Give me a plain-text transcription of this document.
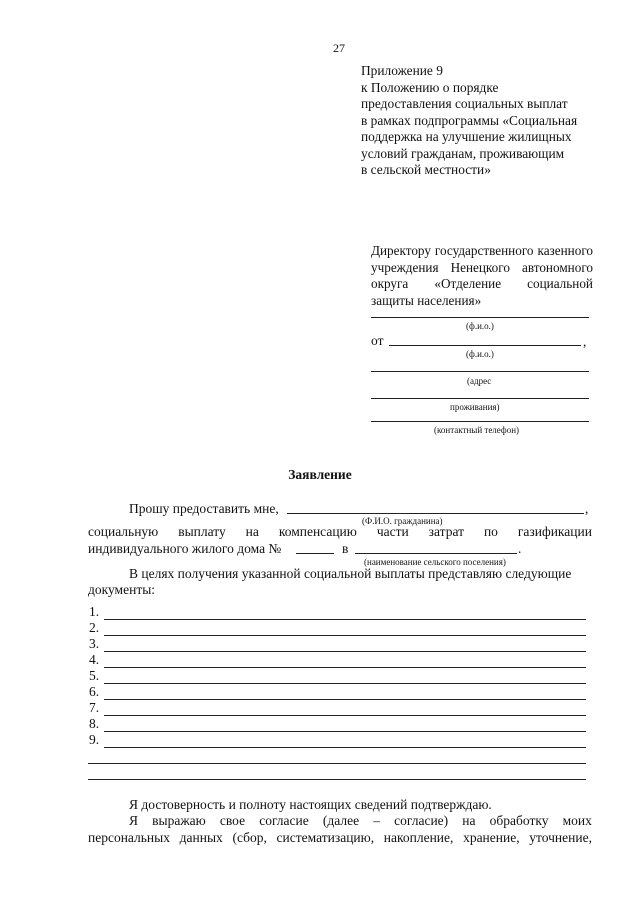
27
Приложение 9
к Положению о порядке
предоставления социальных выплат
в рамках подпрограммы «Социальная
поддержка на улучшение жилищных
условий гражданам, проживающим
в сельской местности»
Директору государственного казенного учреждения Ненецкого автономного округа «Отделение социальной защиты населения»
(ф.и.о.)
от	,
(ф.и.о.)
(адрес
проживания)
(контактный телефон)
Заявление
Прошу предоставить мне,	,
(Ф.И.О. гражданина)
социальную выплату на компенсацию части затрат по газификации
индивидуального жилого дома №	в	.
(наименование сельского поселения)
В целях получения указанной социальной выплаты представляю следующие
документы:
1.
2.
3.
4.
5.
6.
7.
8.
9.
Я достоверность и полноту настоящих сведений подтверждаю.
Я выражаю свое согласие (далее – согласие) на обработку моих
персональных данных (сбор, систематизацию, накопление, хранение, уточнение,
